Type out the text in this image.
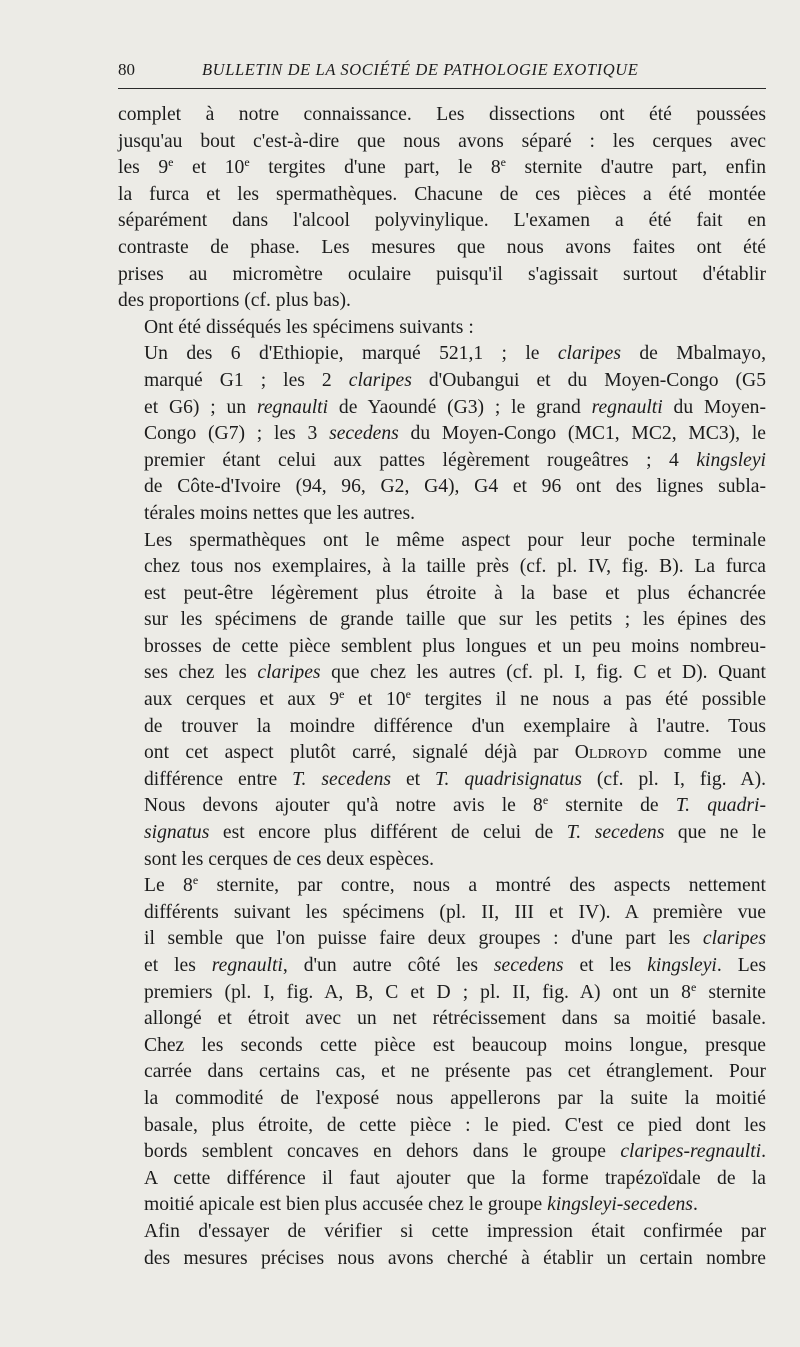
80	BULLETIN DE LA SOCIÉTÉ DE PATHOLOGIE EXOTIQUE

complet à notre connaissance. Les dissections ont été poussées
jusqu'au bout c'est-à-dire que nous avons séparé : les cerques avec
les 9e et 10e tergites d'une part, le 8e sternite d'autre part, enfin
la furca et les spermathèques. Chacune de ces pièces a été montée
séparément dans l'alcool polyvinylique. L'examen a été fait en
contraste de phase. Les mesures que nous avons faites ont été
prises au micromètre oculaire puisqu'il s'agissait surtout d'établir
des proportions (cf. plus bas).

Ont été disséqués les spécimens suivants :

Un des 6 d'Ethiopie, marqué 521,1 ; le claripes de Mbalmayo,
marqué G1 ; les 2 claripes d'Oubangui et du Moyen-Congo (G5
et G6) ; un regnaulti de Yaoundé (G3) ; le grand regnaulti du Moyen-
Congo (G7) ; les 3 secedens du Moyen-Congo (MC1, MC2, MC3), le
premier étant celui aux pattes légèrement rougeâtres ; 4 kingsleyi
de Côte-d'Ivoire (94, 96, G2, G4), G4 et 96 ont des lignes subla-
térales moins nettes que les autres.

Les spermathèques ont le même aspect pour leur poche terminale
chez tous nos exemplaires, à la taille près (cf. pl. IV, fig. B). La furca
est peut-être légèrement plus étroite à la base et plus échancrée
sur les spécimens de grande taille que sur les petits ; les épines des
brosses de cette pièce semblent plus longues et un peu moins nombreu-
ses chez les claripes que chez les autres (cf. pl. I, fig. C et D). Quant
aux cerques et aux 9e et 10e tergites il ne nous a pas été possible
de trouver la moindre différence d'un exemplaire à l'autre. Tous
ont cet aspect plutôt carré, signalé déjà par Oldroyd comme une
différence entre T. secedens et T. quadrisignatus (cf. pl. I, fig. A).
Nous devons ajouter qu'à notre avis le 8e sternite de T. quadri-
signatus est encore plus différent de celui de T. secedens que ne le
sont les cerques de ces deux espèces.

Le 8e sternite, par contre, nous a montré des aspects nettement
différents suivant les spécimens (pl. II, III et IV). A première vue
il semble que l'on puisse faire deux groupes : d'une part les claripes
et les regnaulti, d'un autre côté les secedens et les kingsleyi. Les
premiers (pl. I, fig. A, B, C et D ; pl. II, fig. A) ont un 8e sternite
allongé et étroit avec un net rétrécissement dans sa moitié basale.
Chez les seconds cette pièce est beaucoup moins longue, presque
carrée dans certains cas, et ne présente pas cet étranglement. Pour
la commodité de l'exposé nous appellerons par la suite la moitié
basale, plus étroite, de cette pièce : le pied. C'est ce pied dont les
bords semblent concaves en dehors dans le groupe claripes-regnaulti.
A cette différence il faut ajouter que la forme trapézoïdale de la
moitié apicale est bien plus accusée chez le groupe kingsleyi-secedens.

Afin d'essayer de vérifier si cette impression était confirmée par
des mesures précises nous avons cherché à établir un certain nombre
